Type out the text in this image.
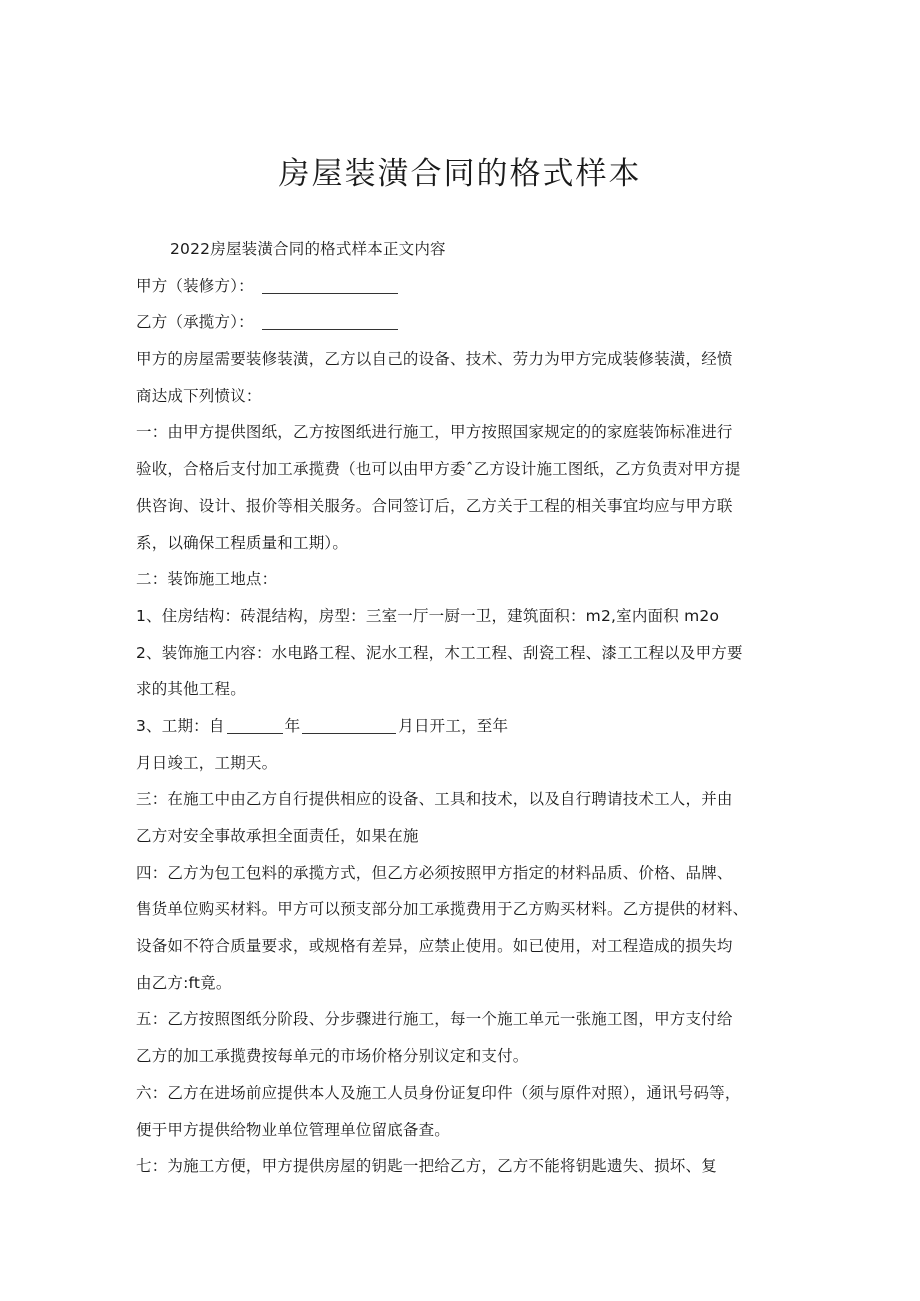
房屋装潢合同的格式样本
2022房屋装潢合同的格式样本正文内容
甲方（装修方）：
乙方（承揽方）：
甲方的房屋需要装修装潢，乙方以自己的设备、技术、劳力为甲方完成装修装潢，经愤
商达成下列愤议：
一：由甲方提供图纸，乙方按图纸进行施工，甲方按照国家规定的的家庭装饰标准进行
验收，合格后支付加工承揽费（也可以由甲方委ˆ乙方设计施工图纸，乙方负责对甲方提
供咨询、设计、报价等相关服务。合同签订后，乙方关于工程的相关事宜均应与甲方联
系，以确保工程质量和工期）。
二：装饰施工地点：
1、住房结构：砖混结构，房型：三室一厅一厨一卫，建筑面积：m2,室内面积 m2o
2、装饰施工内容：水电路工程、泥水工程，木工工程、刮瓷工程、漆工工程以及甲方要
求的其他工程。
3、工期：自	年	月日开工，至年
月日竣工，工期天。
三：在施工中由乙方自行提供相应的设备、工具和技术，以及自行聘请技术工人，并由
乙方对安全事故承担全面责任，如果在施
四：乙方为包工包料的承揽方式，但乙方必须按照甲方指定的材料品质、价格、品牌、
售货单位购买材料。甲方可以预支部分加工承揽费用于乙方购买材料。乙方提供的材料、
设备如不符合质量要求，或规格有差异，应禁止使用。如已使用，对工程造成的损失均
由乙方:ft竟。
五：乙方按照图纸分阶段、分步骤进行施工，每一个施工单元一张施工图，甲方支付给
乙方的加工承揽费按每单元的市场价格分别议定和支付。
六：乙方在进场前应提供本人及施工人员身份证复印件（须与原件对照），通讯号码等，
便于甲方提供给物业单位管理单位留底备查。
七：为施工方便，甲方提供房屋的钥匙一把给乙方，乙方不能将钥匙遗失、损坏、复
